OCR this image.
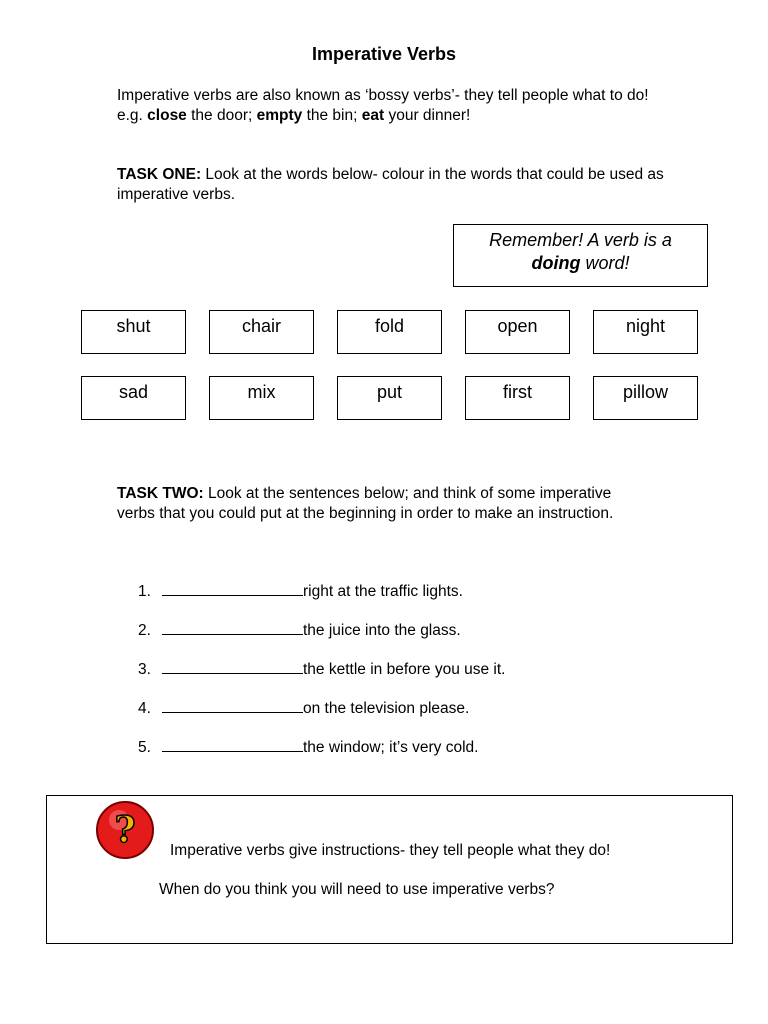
Imperative Verbs
Imperative verbs are also known as ‘bossy verbs’- they tell people what to do! e.g. close the door; empty the bin; eat your dinner!
TASK ONE: Look at the words below- colour in the words that could be used as imperative verbs.
Remember! A verb is a
doing word!
shut	chair	fold	open	night
sad	mix	put	first	pillow
TASK TWO: Look at the sentences below; and think of some imperative verbs that you could put at the beginning in order to make an instruction.
1.	right at the traffic lights.
2.	the juice into the glass.
3.	the kettle in before you use it.
4.	on the television please.
5.	the window; it’s very cold.
? Imperative verbs give instructions- they tell people what they do!
When do you think you will need to use imperative verbs?
